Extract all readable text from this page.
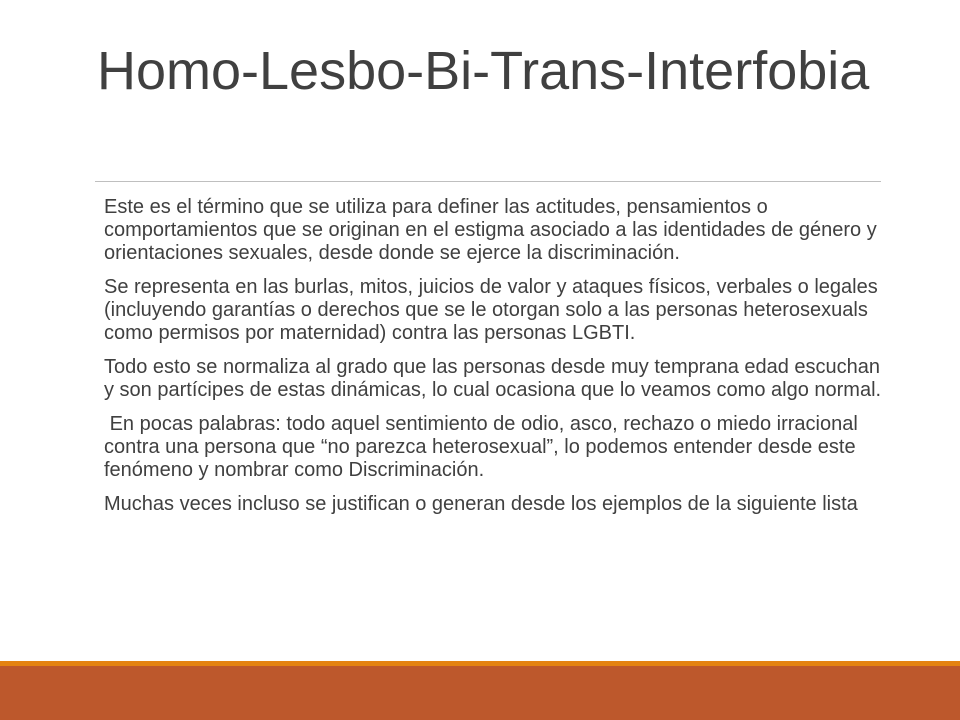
Homo-Lesbo-Bi-Trans-Interfobia

Este es el término que se utiliza para definer las actitudes, pensamientos o comportamientos que se originan en el estigma asociado a las identidades de género y orientaciones sexuales, desde donde se ejerce la discriminación.

Se representa en las burlas, mitos, juicios de valor y ataques físicos, verbales o legales (incluyendo garantías o derechos que se le otorgan solo a las personas heterosexuals como permisos por maternidad) contra las personas LGBTI.

Todo esto se normaliza al grado que las personas desde muy temprana edad escuchan y son partícipes de estas dinámicas, lo cual ocasiona que lo veamos como algo normal.

En pocas palabras: todo aquel sentimiento de odio, asco, rechazo o miedo irracional contra una persona que “no parezca heterosexual”, lo podemos entender desde este fenómeno y nombrar como Discriminación.

Muchas veces incluso se justifican o generan desde los ejemplos de la siguiente lista
